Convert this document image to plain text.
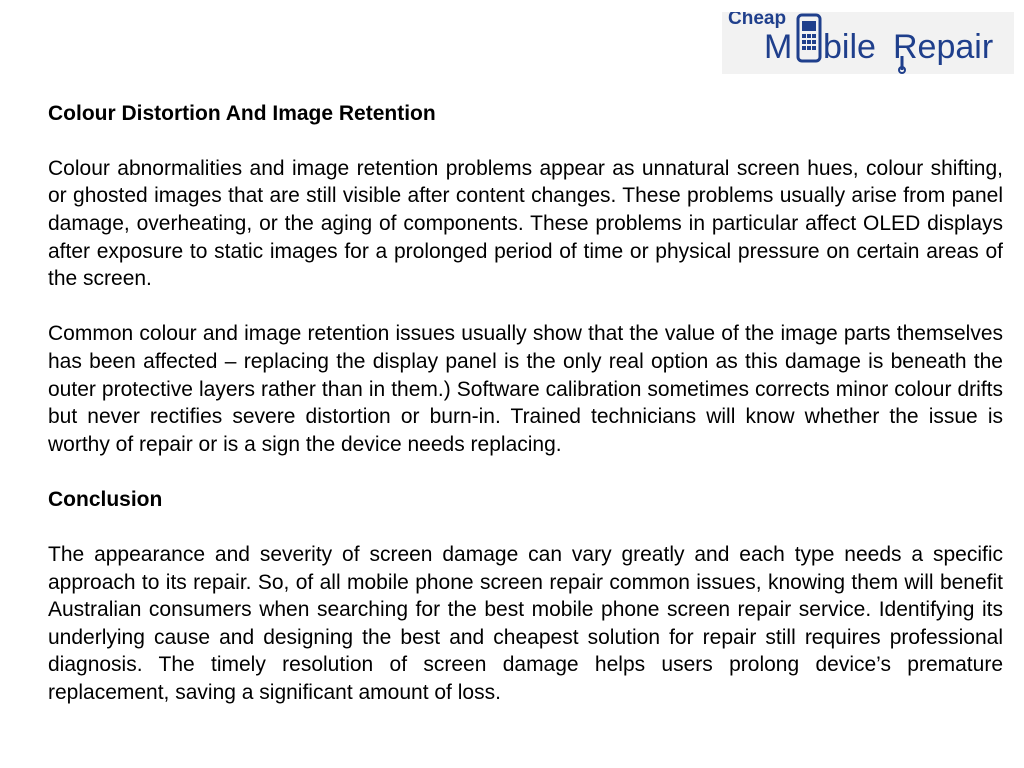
Cheap
M bile Repair
Colour Distortion And Image Retention

Colour abnormalities and image retention problems appear as unnatural screen hues, colour shifting, or ghosted images that are still visible after content changes. These problems usually arise from panel damage, overheating, or the aging of components. These problems in particular affect OLED displays after exposure to static images for a prolonged period of time or physical pressure on certain areas of the screen.

Common colour and image retention issues usually show that the value of the image parts themselves has been affected – replacing the display panel is the only real option as this damage is beneath the outer protective layers rather than in them.) Software calibration sometimes corrects minor colour drifts but never rectifies severe distortion or burn-in. Trained technicians will know whether the issue is worthy of repair or is a sign the device needs replacing.

Conclusion

The appearance and severity of screen damage can vary greatly and each type needs a specific approach to its repair. So, of all mobile phone screen repair common issues, knowing them will benefit Australian consumers when searching for the best mobile phone screen repair service. Identifying its underlying cause and designing the best and cheapest solution for repair still requires professional diagnosis. The timely resolution of screen damage helps users prolong device’s premature replacement, saving a significant amount of loss.
